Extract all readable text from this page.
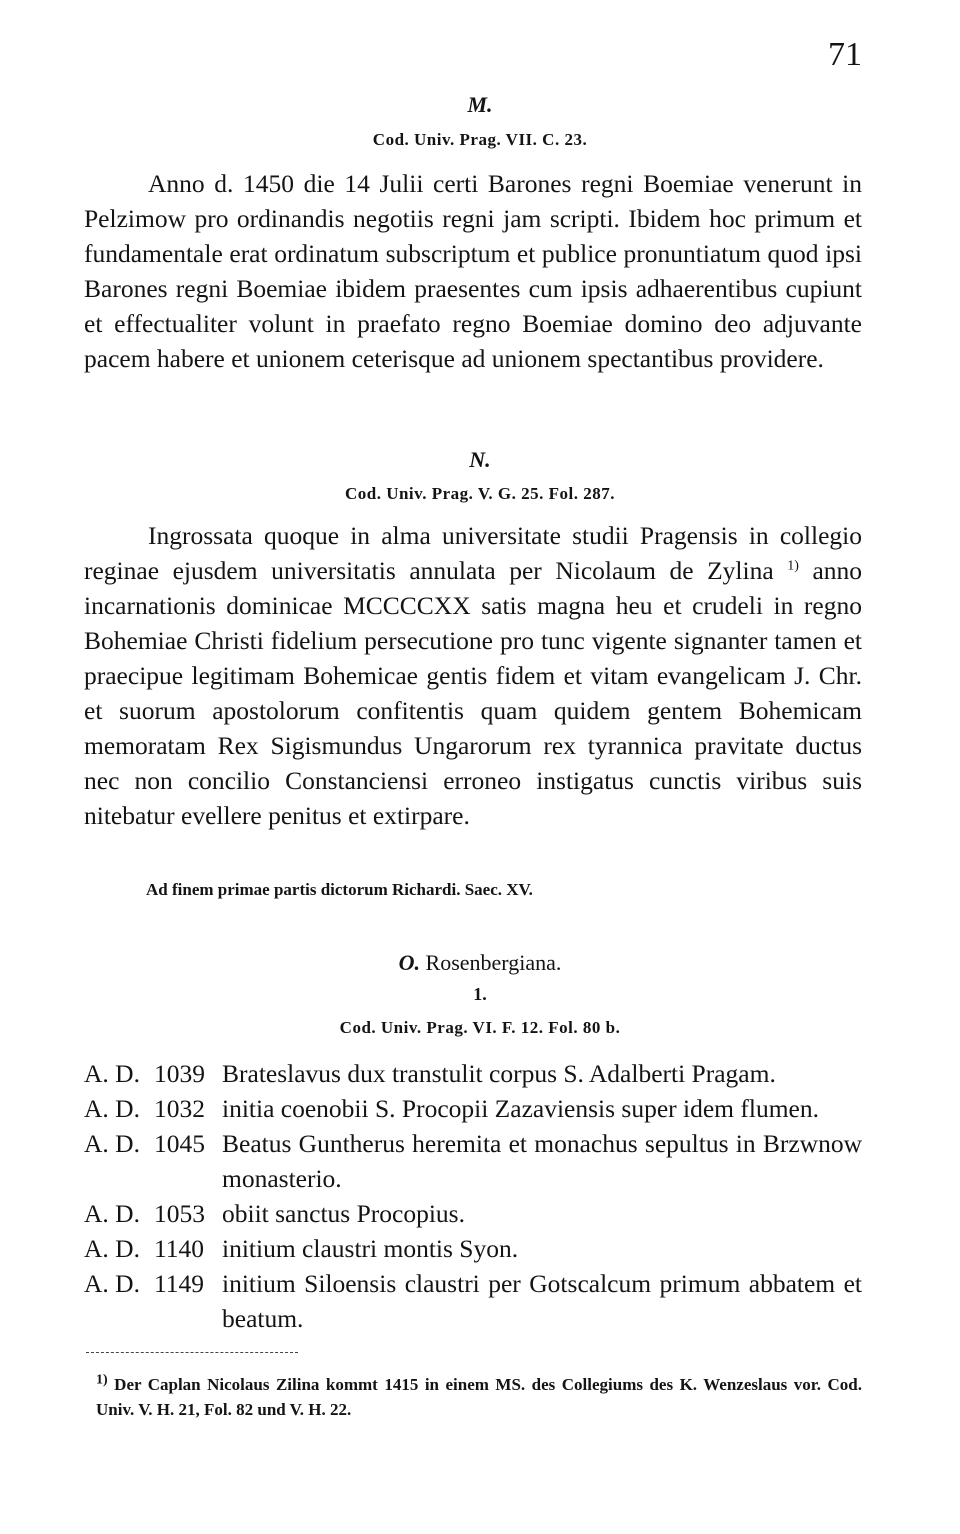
71
M.
Cod. Univ. Prag. VII. C. 23.

Anno d. 1450 die 14 Julii certi Barones regni Boemiae venerunt in Pelzimow pro ordinandis negotiis regni jam scripti. Ibidem hoc primum et fundamentale erat ordinatum subscriptum et publice pronuntiatum quod ipsi Barones regni Boemiae ibidem praesentes cum ipsis adhaerentibus cupiunt et effectualiter volunt in praefato regno Boemiae domino deo adjuvante pacem habere et unionem ceterisque ad unionem spectantibus providere.

N.
Cod. Univ. Prag. V. G. 25. Fol. 287.

Ingrossata quoque in alma universitate studii Pragensis in collegio reginae ejusdem universitatis annulata per Nicolaum de Zylina $^{1)}$ anno incarnationis dominicae MCCCCXX satis magna heu et crudeli in regno Bohemiae Christi fidelium persecutione pro tunc vigente signanter tamen et praecipue legitimam Bohemicae gentis fidem et vitam evangelicam J. Chr. et suorum apostolorum confitentis quam quidem gentem Bohemicam memoratam Rex Sigismundus Ungarorum rex tyrannica pravitate ductus nec non concilio Constanciensi erroneo instigatus cunctis viribus suis nitebatur evellere penitus et extirpare.

Ad finem primae partis dictorum Richardi. Saec. XV.
O. Rosenbergiana.
1.
Cod. Univ. Prag. VI. F. 12. Fol. 80 b.
A. D. 1039 Brateslavus dux transtulit corpus S. Adalberti Pragam.
A. D. 1032 initia coenobii S. Procopii Zazaviensis super idem flumen.
A. D. 1045 Beatus Guntherus heremita et monachus sepultus in Brzwnow monasterio.
A. D. 1053 obiit sanctus Procopius.
A. D. 1140 initium claustri montis Syon.
A. D. 1149 initium Siloensis claustri per Gotscalcum primum abbatem et beatum.
$^{1)}$ Der Caplan Nicolaus Zilina kommt 1415 in einem MS. des Collegiums des K. Wenzeslaus vor. Cod. Univ. V. H. 21, Fol. 82 und V. H. 22.
